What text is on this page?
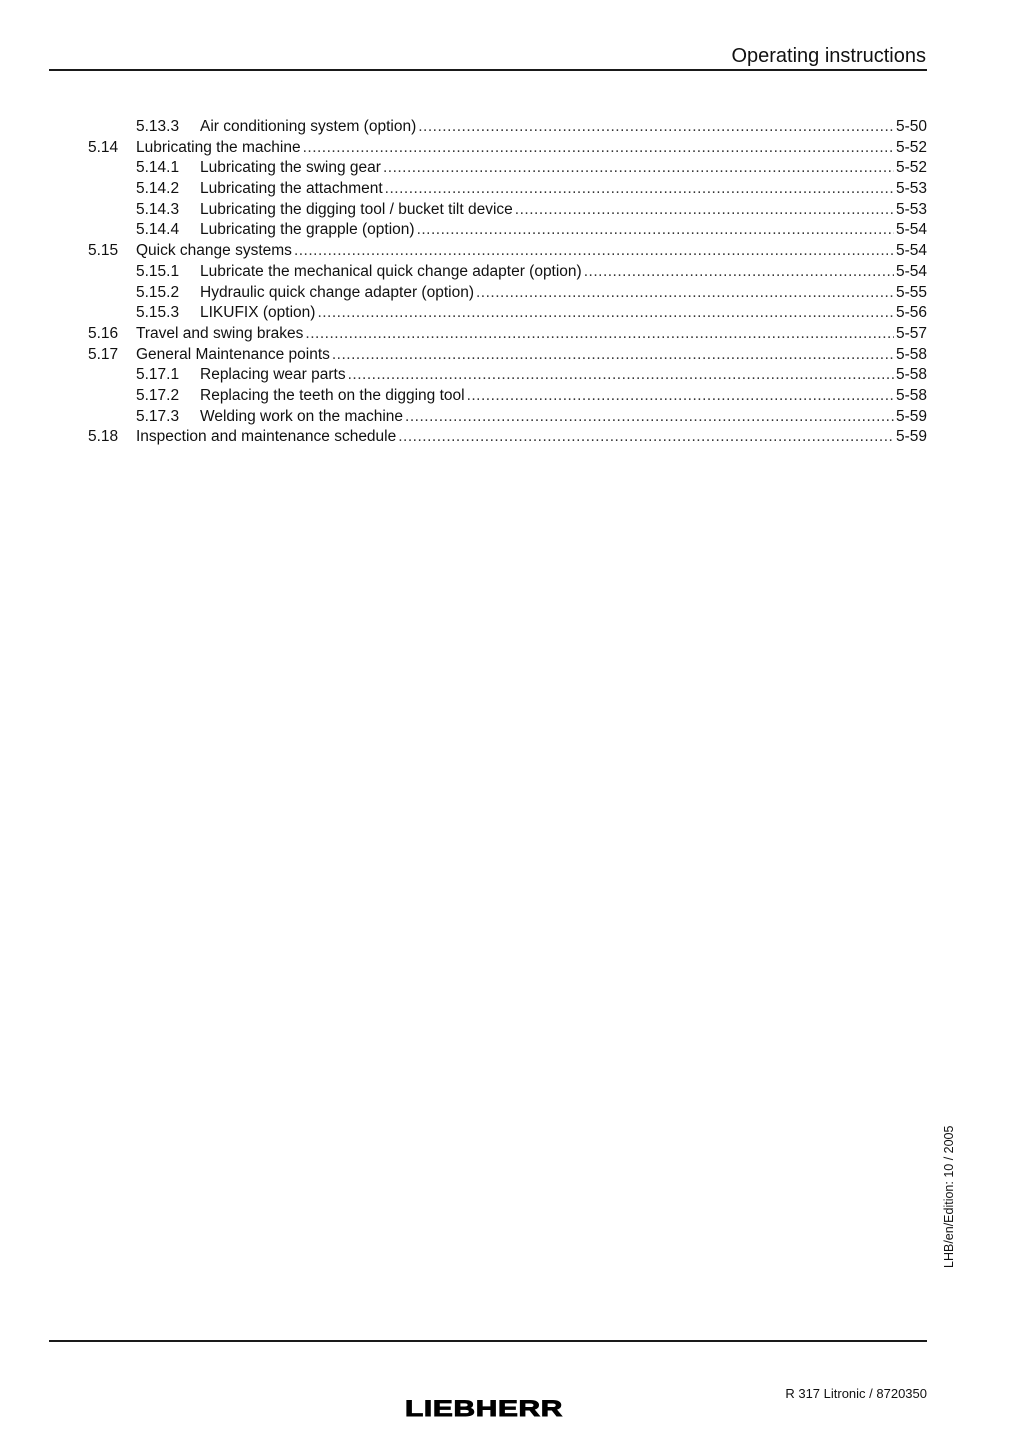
Operating instructions
5.13.3 Air conditioning system (option) .....	5-50
5.14 Lubricating the machine .....	5-52
5.14.1 Lubricating the swing gear .....	5-52
5.14.2 Lubricating the attachment .....	5-53
5.14.3 Lubricating the digging tool / bucket tilt device .....	5-53
5.14.4 Lubricating the grapple (option) .....	5-54
5.15 Quick change systems .....	5-54
5.15.1 Lubricate the mechanical quick change adapter (option) .....	5-54
5.15.2 Hydraulic quick change adapter (option) .....	5-55
5.15.3 LIKUFIX (option) .....	5-56
5.16 Travel and swing brakes .....	5-57
5.17 General Maintenance points .....	5-58
5.17.1 Replacing wear parts .....	5-58
5.17.2 Replacing the teeth on the digging tool .....	5-58
5.17.3 Welding work on the machine .....	5-59
5.18 Inspection and maintenance schedule .....	5-59
LHB/en/Edition: 10 / 2005
LIEBHERR
R 317 Litronic / 8720350
